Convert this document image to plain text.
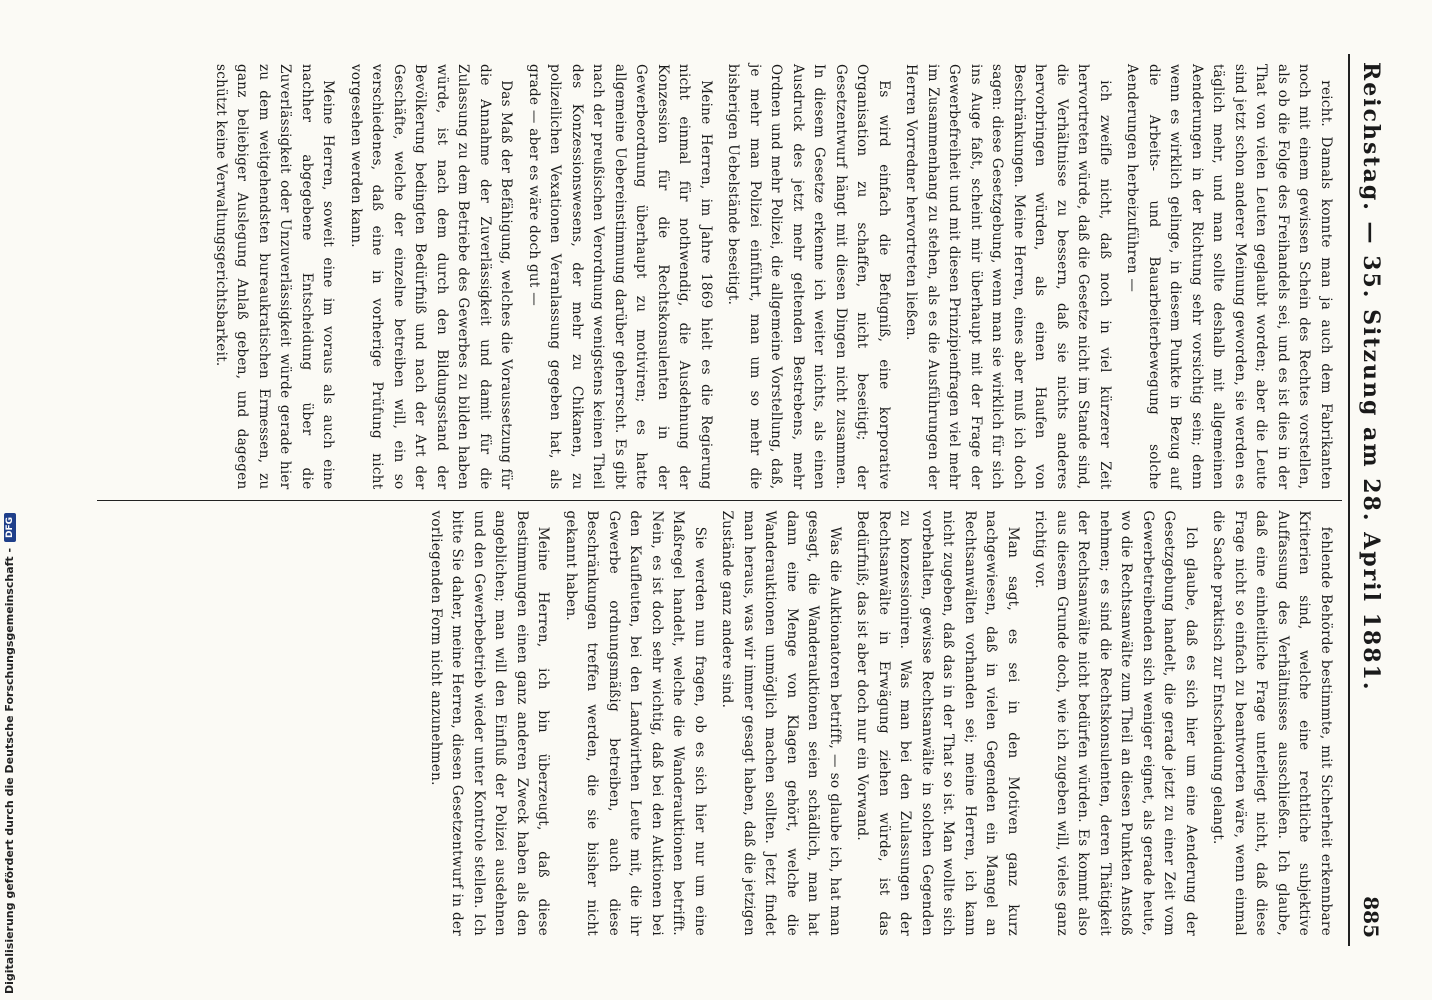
Reichstag. — 35. Sitzung am 28. April 1881.
885

reicht. Damals konnte man ja auch dem Fabrikanten noch mit einem gewissen Schein des Rechtes vorstellen, als ob die Folge des Freihandels sei, und es ist dies in der That von vielen Leuten geglaubt worden; aber die Leute sind jetzt schon anderer Meinung geworden, sie werden es täglich mehr, und man sollte deshalb mit allgemeinen Aenderungen in der Richtung sehr vorsichtig sein; denn wenn es wirklich gelinge, in diesem Punkte in Bezug auf die Arbeits- und Bauarbeiterbewegung solche Aenderungen herbeizuführen —

ich zweifle nicht, daß noch in viel kürzerer Zeit hervortreten würde, daß die Gesetze nicht im Stande sind, die Verhältnisse zu bessern, daß sie nichts anderes hervorbringen würden, als einen Haufen von Beschränkungen. Meine Herren, eines aber muß ich doch sagen: diese Gesetzgebung, wenn man sie wirklich für sich ins Auge faßt, scheint mir überhaupt mit der Frage der Gewerbefreiheit und mit diesen Prinzipienfragen viel mehr im Zusammenhang zu stehen, als es die Ausführungen der Herren Vorredner hervortreten ließen.

Es wird einfach die Befugniß, eine korporative Organisation zu schaffen, nicht beseitigt; der Gesetzentwurf hängt mit diesen Dingen nicht zusammen. In diesem Gesetze erkenne ich weiter nichts, als einen Ausdruck des jetzt mehr geltenden Bestrebens, mehr Ordnen und mehr Polizei, die allgemeine Vorstellung, daß, je mehr man Polizei einführt, man um so mehr die bisherigen Uebelstände beseitigt.

Meine Herren, im Jahre 1869 hielt es die Regierung nicht einmal für nothwendig, die Ausdehnung der Konzession für die Rechtskonsulenten in der Gewerbeordnung überhaupt zu motiviren; es hatte allgemeine Uebereinstimmung darüber geherrscht. Es gibt nach der preußischen Verordnung wenigstens keinen Theil des Konzessionswesens, der mehr zu Chikanen, zu polizeilichen Vexationen Veranlassung gegeben hat, als grade — aber es wäre doch gut —

Das Maß der Befähigung, welches die Voraussetzung für die Annahme der Zuverlässigkeit und damit für die Zulassung zu dem Betriebe des Gewerbes zu bilden haben würde, ist nach dem durch den Bildungsstand der Bevölkerung bedingten Bedürfniß und nach der Art der Geschäfte, welche der einzelne betreiben will, ein so verschiedenes, daß eine in vorherige Prüfung nicht vorgesehen werden kann.

Meine Herren, soweit eine im voraus als auch eine nachher abgegebene Entscheidung über die Zuverlässigkeit oder Unzuverlässigkeit würde gerade hier zu dem weitgehendsten bureaukratischen Ermessen, zu ganz beliebiger Auslegung Anlaß geben, und dagegen schützt keine Verwaltungsgerichtsbarkeit.

fehlende Behörde bestimmte, mit Sicherheit erkennbare Kriterien sind, welche eine rechtliche subjektive Auffassung des Verhältnisses ausschließen. Ich glaube, daß eine einheitliche Frage unterliegt nicht, daß diese Frage nicht so einfach zu beantworten wäre, wenn einmal die Sache praktisch zur Entscheidung gelangt.

Ich glaube, daß es sich hier um eine Aenderung der Gesetzgebung handelt, die gerade jetzt zu einer Zeit vom Gewerbetreibenden sich weniger eignet, als gerade heute, wo die Rechtsanwälte zum Theil an diesen Punkten Anstoß nehmen; es sind die Rechtskonsulenten, deren Thätigkeit der Rechtsanwälte nicht bedürfen würden. Es kommt also aus diesem Grunde doch, wie ich zugeben will, vieles ganz richtig vor.

Man sagt, es sei in den Motiven ganz kurz nachgewiesen, daß in vielen Gegenden ein Mangel an Rechtsanwälten vorhanden sei; meine Herren, ich kann nicht zugeben, daß das in der That so ist. Man wollte sich vorbehalten, gewisse Rechtsanwälte in solchen Gegenden zu konzessioniren. Was man bei den Zulassungen der Rechtsanwälte in Erwägung ziehen würde, ist das Bedürfniß; das ist aber doch nur ein Vorwand.

Was die Auktionatoren betrifft, — so glaube ich, hat man gesagt, die Wanderauktionen seien schädlich, man hat dann eine Menge von Klagen gehört, welche die Wanderauktionen unmöglich machen sollten. Jetzt findet man heraus, was wir immer gesagt haben, daß die jetzigen Zustände ganz andere sind.

Sie werden nun fragen, ob es sich hier nur um eine Maßregel handelt, welche die Wanderauktionen betrifft. Nein, es ist doch sehr wichtig, daß bei den Auktionen bei den Kaufleuten, bei den Landwirthen Leute mit, die ihr Gewerbe ordnungsmäßig betreiben, auch diese Beschränkungen treffen werden, die sie bisher nicht gekannt haben.

Meine Herren, ich bin überzeugt, daß diese Bestimmungen einen ganz anderen Zweck haben als den angeblichen; man will den Einfluß der Polizei ausdehnen und den Gewerbebetrieb wieder unter Kontrole stellen. Ich bitte Sie daher, meine Herren, diesen Gesetzentwurf in der vorliegenden Form nicht anzunehmen.

Digitalisierung gefördert durch die Deutsche Forschungsgemeinschaft -
DFG
